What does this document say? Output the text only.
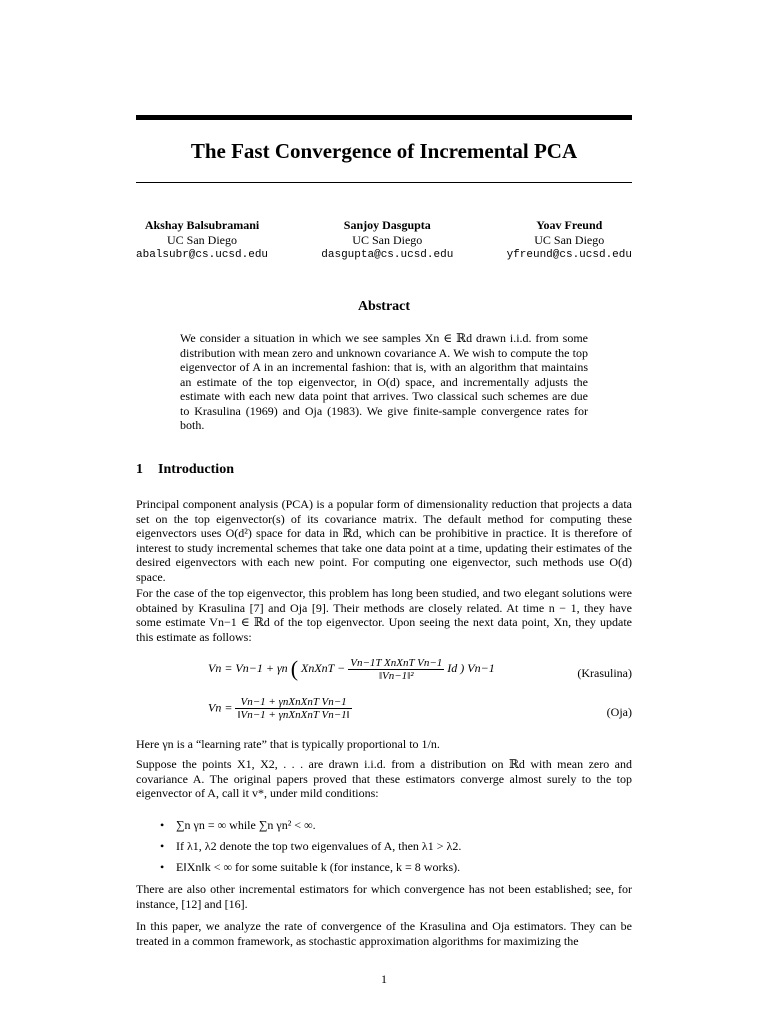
The Fast Convergence of Incremental PCA
Akshay Balsubramani
UC San Diego
abalsubr@cs.ucsd.edu
Sanjoy Dasgupta
UC San Diego
dasgupta@cs.ucsd.edu
Yoav Freund
UC San Diego
yfreund@cs.ucsd.edu
Abstract
We consider a situation in which we see samples Xn ∈ ℝd drawn i.i.d. from some distribution with mean zero and unknown covariance A. We wish to compute the top eigenvector of A in an incremental fashion: that is, with an algorithm that maintains an estimate of the top eigenvector, in O(d) space, and incrementally adjusts the estimate with each new data point that arrives. Two classical such schemes are due to Krasulina (1969) and Oja (1983). We give finite-sample convergence rates for both.
1 Introduction
Principal component analysis (PCA) is a popular form of dimensionality reduction that projects a data set on the top eigenvector(s) of its covariance matrix. The default method for computing these eigenvectors uses O(d²) space for data in ℝd, which can be prohibitive in practice. It is therefore of interest to study incremental schemes that take one data point at a time, updating their estimates of the desired eigenvectors with each new point. For computing one eigenvector, such methods use O(d) space.
For the case of the top eigenvector, this problem has long been studied, and two elegant solutions were obtained by Krasulina [7] and Oja [9]. Their methods are closely related. At time n − 1, they have some estimate Vn−1 ∈ ℝd of the top eigenvector. Upon seeing the next data point, Xn, they update this estimate as follows:
Vn = Vn−1 + γn ( XnXnT − $\frac{\text{Vn−1T XnXnT Vn−1}}{\text{‖Vn−1‖²}}$ Id ) Vn−1	(Krasulina)
$Vn = \frac{\text{Vn−1 + γnXnXnT Vn−1}}{\text{‖Vn−1 + γnXnXnT Vn−1‖}}$	(Oja)
Here γn is a “learning rate” that is typically proportional to 1/n.
Suppose the points X1, X2, . . . are drawn i.i.d. from a distribution on ℝd with mean zero and covariance A. The original papers proved that these estimators converge almost surely to the top eigenvector of A, call it v*, under mild conditions:
• ∑n γn = ∞ while ∑n γn² < ∞.
• If λ1, λ2 denote the top two eigenvalues of A, then λ1 > λ2.
• E‖Xn‖k < ∞ for some suitable k (for instance, k = 8 works).
There are also other incremental estimators for which convergence has not been established; see, for instance, [12] and [16].
In this paper, we analyze the rate of convergence of the Krasulina and Oja estimators. They can be treated in a common framework, as stochastic approximation algorithms for maximizing the
1
